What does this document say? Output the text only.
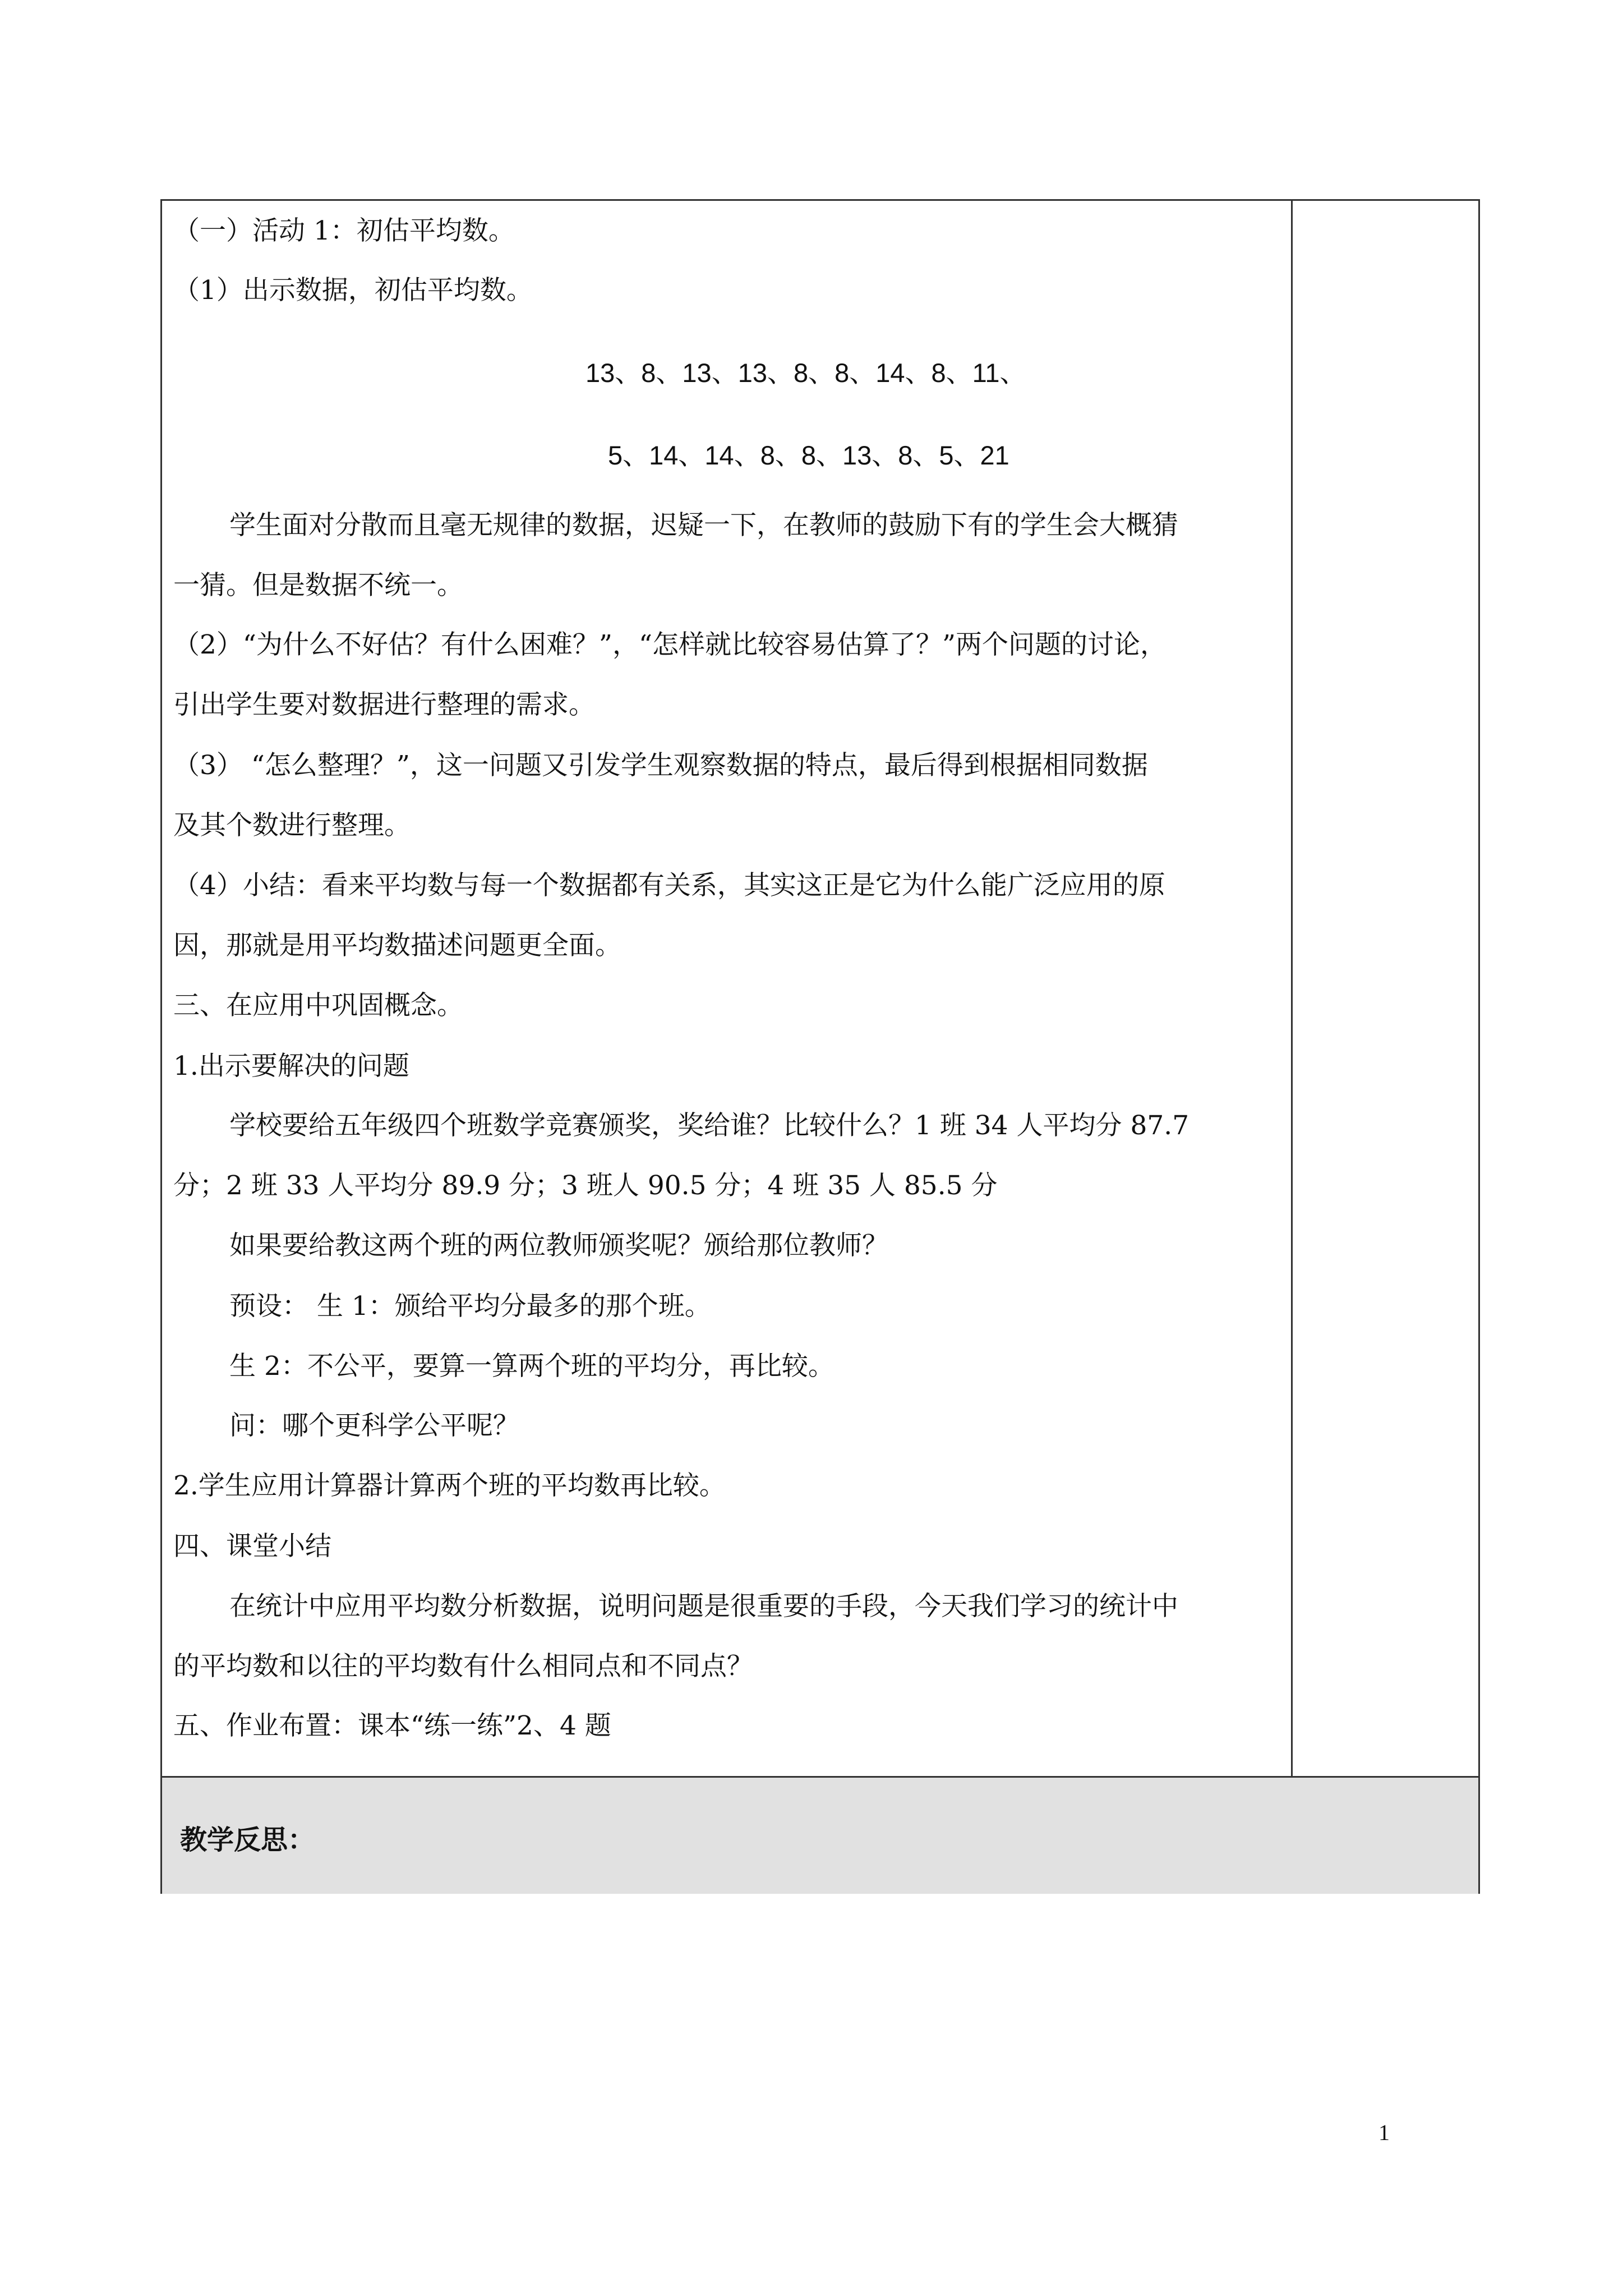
（一）活动 1：初估平均数。
（1）出示数据，初估平均数。
13、8、13、13、8、8、14、8、11、
5、14、14、8、8、13、8、5、21
学生面对分散而且毫无规律的数据，迟疑一下，在教师的鼓励下有的学生会大概猜
一猜。但是数据不统一。
（2）“为什么不好估？有什么困难？”，“怎样就比较容易估算了？”两个问题的讨论，
引出学生要对数据进行整理的需求。
（3） “怎么整理？”，这一问题又引发学生观察数据的特点，最后得到根据相同数据
及其个数进行整理。
（4）小结：看来平均数与每一个数据都有关系，其实这正是它为什么能广泛应用的原
因，那就是用平均数描述问题更全面。
三、在应用中巩固概念。
1.出示要解决的问题
学校要给五年级四个班数学竞赛颁奖，奖给谁？比较什么？1 班 34 人平均分 87.7
分；2 班 33 人平均分 89.9 分；3 班人 90.5 分；4 班 35 人 85.5 分
如果要给教这两个班的两位教师颁奖呢？颁给那位教师？
预设： 生 1：颁给平均分最多的那个班。
生 2：不公平，要算一算两个班的平均分，再比较。
问：哪个更科学公平呢？
2.学生应用计算器计算两个班的平均数再比较。
四、课堂小结
在统计中应用平均数分析数据，说明问题是很重要的手段，今天我们学习的统计中
的平均数和以往的平均数有什么相同点和不同点？
五、作业布置：课本“练一练”2、4 题
教学反思：
1
